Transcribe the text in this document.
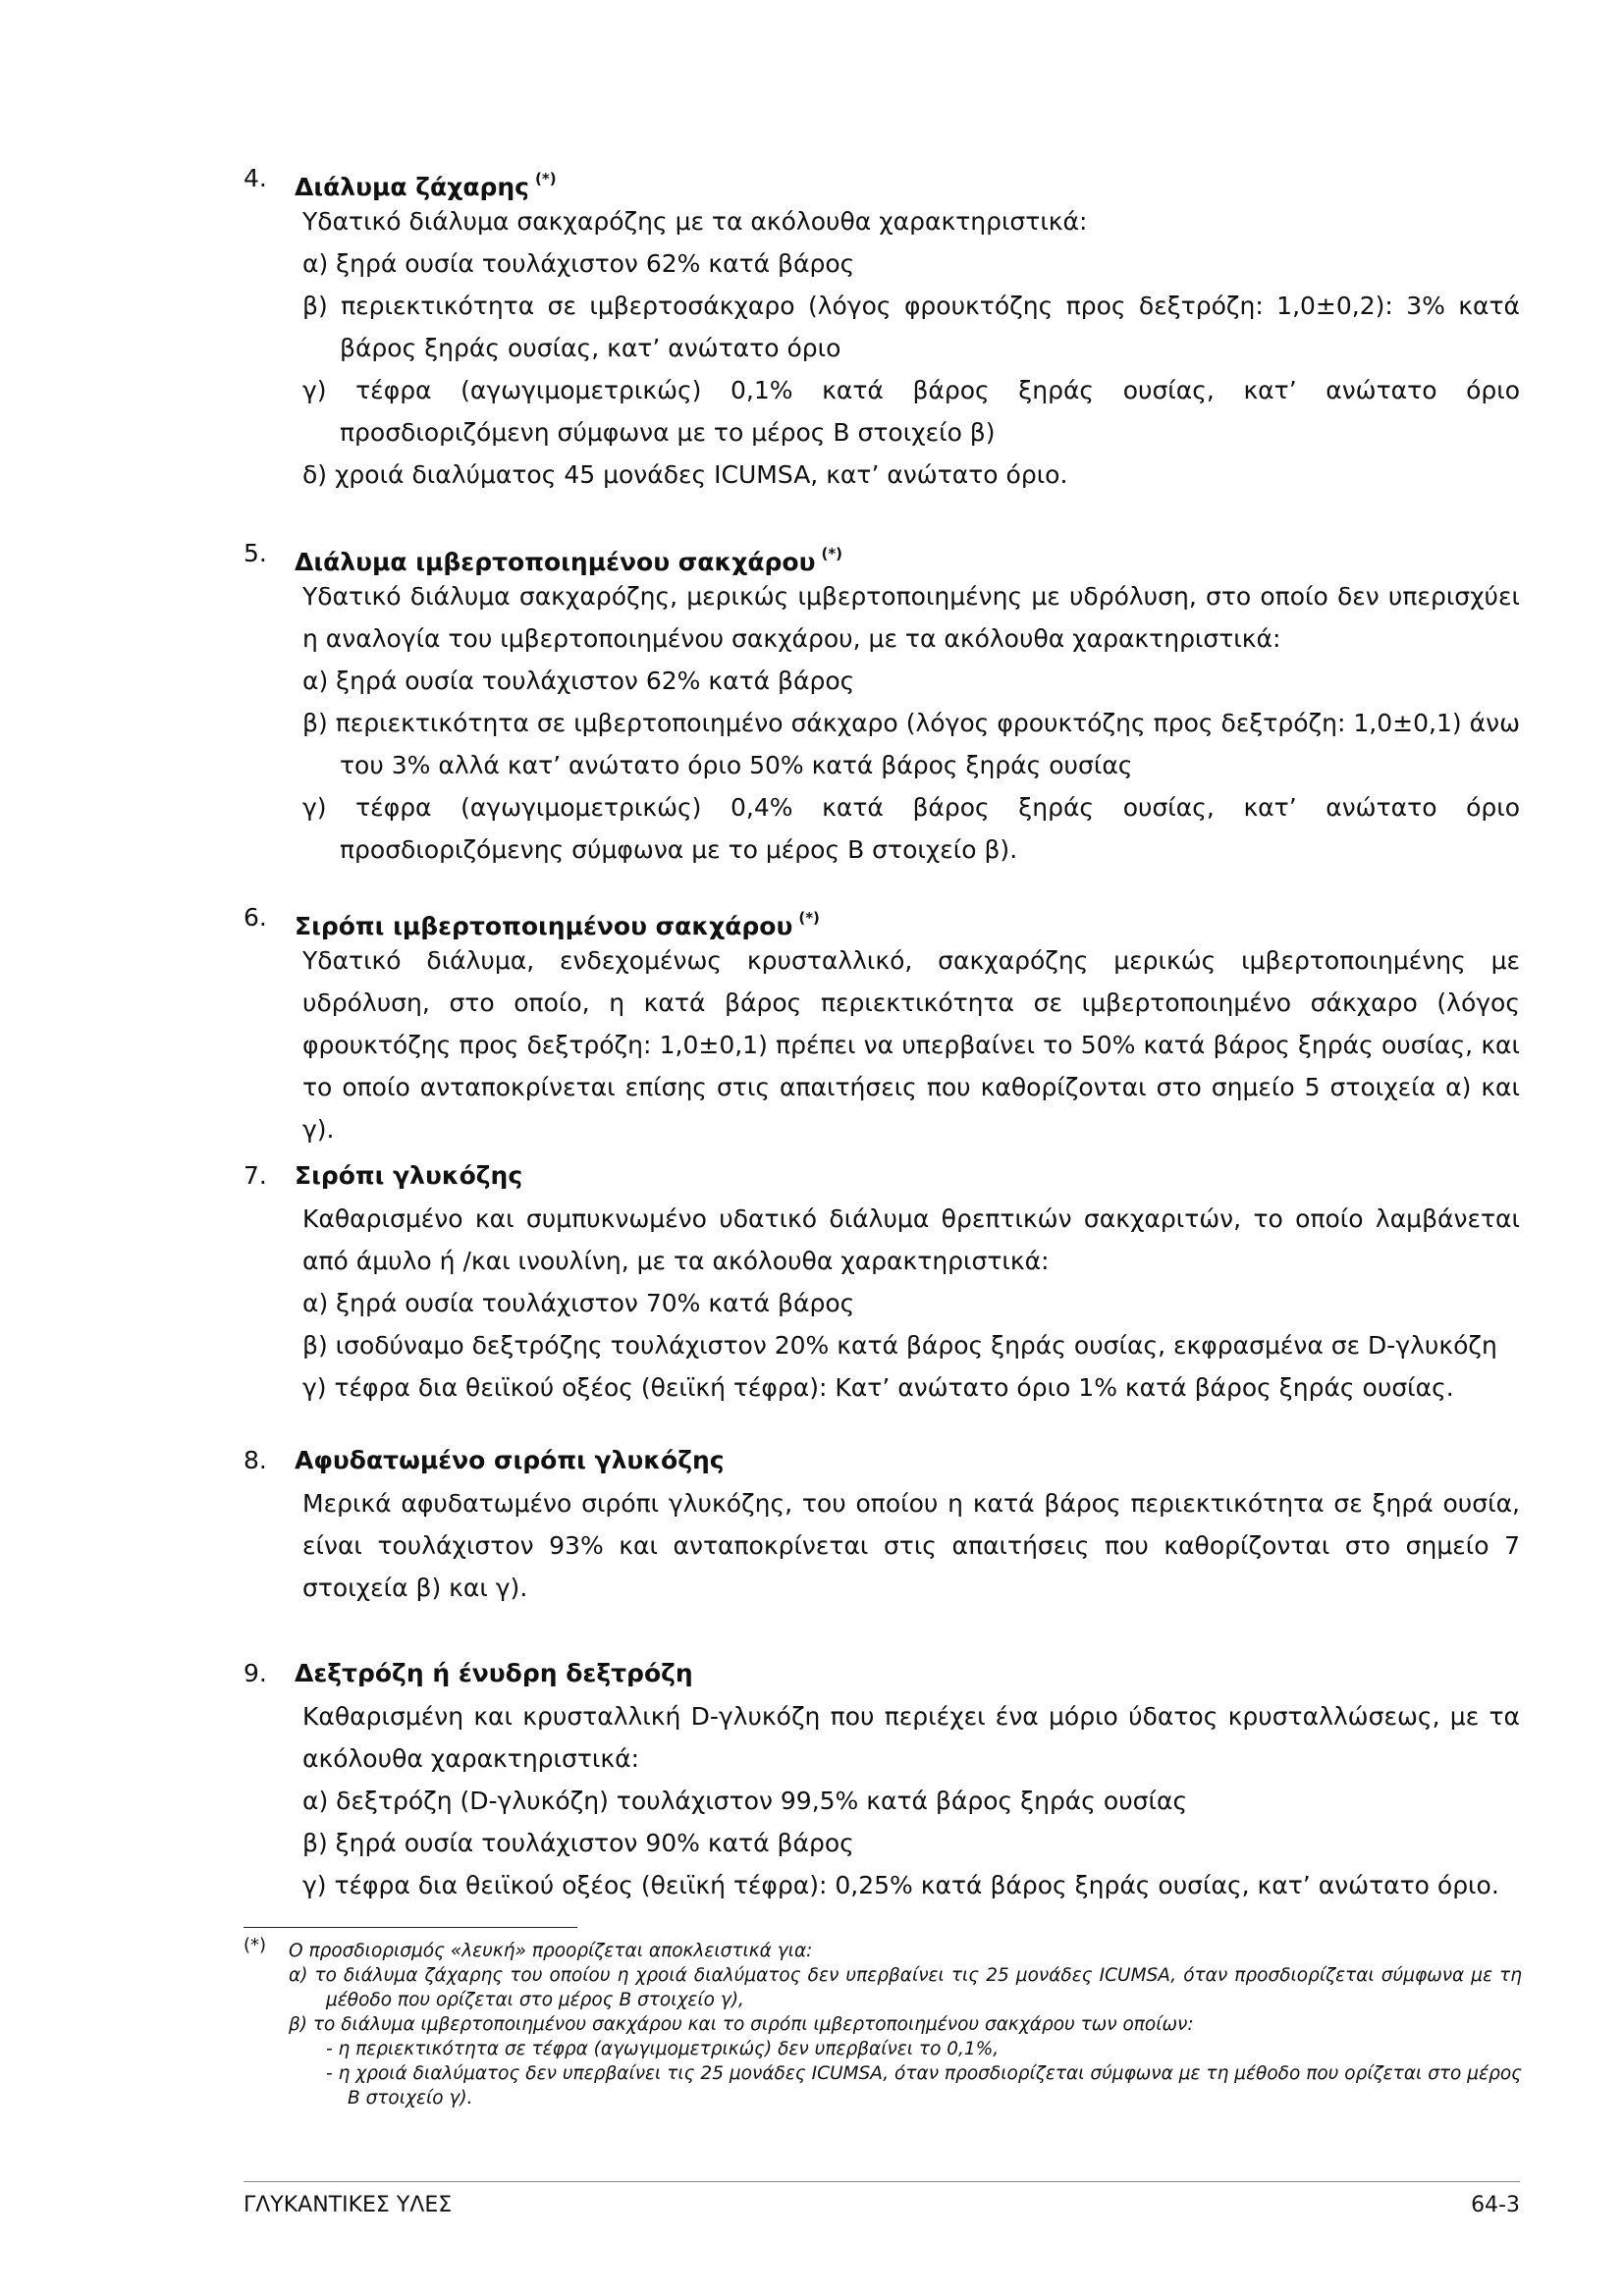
4. Διάλυμα ζάχαρης (*)
Υδατικό διάλυμα σακχαρόζης με τα ακόλουθα χαρακτηριστικά:
α) ξηρά ουσία τουλάχιστον 62% κατά βάρος
β) περιεκτικότητα σε ιμβερτοσάκχαρο (λόγος φρουκτόζης προς δεξτρόζη: 1,0±0,2): 3% κατά βάρος ξηράς ουσίας, κατ’ ανώτατο όριο
γ) τέφρα (αγωγιμομετρικώς) 0,1% κατά βάρος ξηράς ουσίας, κατ’ ανώτατο όριο προσδιοριζόμενη σύμφωνα με το μέρος Β στοιχείο β)
δ) χροιά διαλύματος 45 μονάδες ICUMSA, κατ’ ανώτατο όριο.
5. Διάλυμα ιμβερτοποιημένου σακχάρου (*)
Υδατικό διάλυμα σακχαρόζης, μερικώς ιμβερτοποιημένης με υδρόλυση, στο οποίο δεν υπερισχύει η αναλογία του ιμβερτοποιημένου σακχάρου, με τα ακόλουθα χαρακτηριστικά:
α) ξηρά ουσία τουλάχιστον 62% κατά βάρος
β) περιεκτικότητα σε ιμβερτοποιημένο σάκχαρο (λόγος φρουκτόζης προς δεξτρόζη: 1,0±0,1) άνω του 3% αλλά κατ’ ανώτατο όριο 50% κατά βάρος ξηράς ουσίας
γ) τέφρα (αγωγιμομετρικώς) 0,4% κατά βάρος ξηράς ουσίας, κατ’ ανώτατο όριο προσδιοριζόμενης σύμφωνα με το μέρος Β στοιχείο β).
6. Σιρόπι ιμβερτοποιημένου σακχάρου (*)
Υδατικό διάλυμα, ενδεχομένως κρυσταλλικό, σακχαρόζης μερικώς ιμβερτοποιημένης με υδρόλυση, στο οποίο, η κατά βάρος περιεκτικότητα σε ιμβερτοποιημένο σάκχαρο (λόγος φρουκτόζης προς δεξτρόζη: 1,0±0,1) πρέπει να υπερβαίνει το 50% κατά βάρος ξηράς ουσίας, και το οποίο ανταποκρίνεται επίσης στις απαιτήσεις που καθορίζονται στο σημείο 5 στοιχεία α) και γ).
7. Σιρόπι γλυκόζης
Καθαρισμένο και συμπυκνωμένο υδατικό διάλυμα θρεπτικών σακχαριτών, το οποίο λαμβάνεται από άμυλο ή /και ινουλίνη, με τα ακόλουθα χαρακτηριστικά:
α) ξηρά ουσία τουλάχιστον 70% κατά βάρος
β) ισοδύναμο δεξτρόζης τουλάχιστον 20% κατά βάρος ξηράς ουσίας, εκφρασμένα σε D-γλυκόζη
γ) τέφρα δια θειϊκού οξέος (θειϊκή τέφρα): Κατ’ ανώτατο όριο 1% κατά βάρος ξηράς ουσίας.
8. Αφυδατωμένο σιρόπι γλυκόζης
Μερικά αφυδατωμένο σιρόπι γλυκόζης, του οποίου η κατά βάρος περιεκτικότητα σε ξηρά ουσία, είναι τουλάχιστον 93% και ανταποκρίνεται στις απαιτήσεις που καθορίζονται στο σημείο 7 στοιχεία β) και γ).
9. Δεξτρόζη ή ένυδρη δεξτρόζη
Καθαρισμένη και κρυσταλλική D-γλυκόζη που περιέχει ένα μόριο ύδατος κρυσταλλώσεως, με τα ακόλουθα χαρακτηριστικά:
α) δεξτρόζη (D-γλυκόζη) τουλάχιστον 99,5% κατά βάρος ξηράς ουσίας
β) ξηρά ουσία τουλάχιστον 90% κατά βάρος
γ) τέφρα δια θειϊκού οξέος (θειϊκή τέφρα): 0,25% κατά βάρος ξηράς ουσίας, κατ’ ανώτατο όριο.
(*) Ο προσδιορισμός «λευκή» προορίζεται αποκλειστικά για:
α) το διάλυμα ζάχαρης του οποίου η χροιά διαλύματος δεν υπερβαίνει τις 25 μονάδες ICUMSA, όταν προσδιορίζεται σύμφωνα με τη μέθοδο που ορίζεται στο μέρος Β στοιχείο γ),
β) το διάλυμα ιμβερτοποιημένου σακχάρου και το σιρόπι ιμβερτοποιημένου σακχάρου των οποίων:
- η περιεκτικότητα σε τέφρα (αγωγιμομετρικώς) δεν υπερβαίνει το 0,1%,
- η χροιά διαλύματος δεν υπερβαίνει τις 25 μονάδες ICUMSA, όταν προσδιορίζεται σύμφωνα με τη μέθοδο που ορίζεται στο μέρος Β στοιχείο γ).
ΓΛΥΚΑΝΤΙΚΕΣ ΥΛΕΣ	64-3
